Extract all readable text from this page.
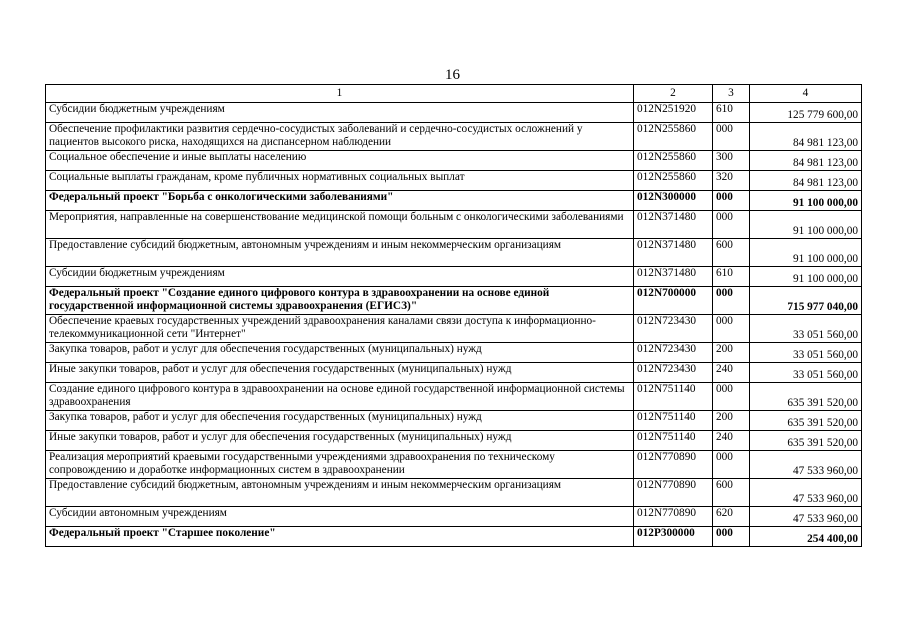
16
1	2	3	4
Субсидии бюджетным учреждениям	012N251920	610	125 779 600,00
Обеспечение профилактики развития сердечно-сосудистых заболеваний и сердечно-сосудистых осложнений у пациентов высокого риска, находящихся на диспансерном наблюдении	012N255860	000	84 981 123,00
Социальное обеспечение и иные выплаты населению	012N255860	300	84 981 123,00
Социальные выплаты гражданам, кроме публичных нормативных социальных выплат	012N255860	320	84 981 123,00
Федеральный проект "Борьба с онкологическими заболеваниями"	012N300000	000	91 100 000,00
Мероприятия, направленные на совершенствование медицинской помощи больным с онкологическими заболеваниями	012N371480	000	91 100 000,00
Предоставление субсидий бюджетным, автономным учреждениям и иным некоммерческим организациям	012N371480	600	91 100 000,00
Субсидии бюджетным учреждениям	012N371480	610	91 100 000,00
Федеральный проект "Создание единого цифрового контура в здравоохранении на основе единой государственной информационной системы здравоохранения (ЕГИСЗ)"	012N700000	000	715 977 040,00
Обеспечение краевых государственных учреждений здравоохранения каналами связи доступа к информационно-телекоммуникационной сети "Интернет"	012N723430	000	33 051 560,00
Закупка товаров, работ и услуг для обеспечения государственных (муниципальных) нужд	012N723430	200	33 051 560,00
Иные закупки товаров, работ и услуг для обеспечения государственных (муниципальных) нужд	012N723430	240	33 051 560,00
Создание единого цифрового контура в здравоохранении на основе единой государственной информационной системы здравоохранения	012N751140	000	635 391 520,00
Закупка товаров, работ и услуг для обеспечения государственных (муниципальных) нужд	012N751140	200	635 391 520,00
Иные закупки товаров, работ и услуг для обеспечения государственных (муниципальных) нужд	012N751140	240	635 391 520,00
Реализация мероприятий краевыми государственными учреждениями здравоохранения по техническому сопровождению и доработке информационных систем в здравоохранении	012N770890	000	47 533 960,00
Предоставление субсидий бюджетным, автономным учреждениям и иным некоммерческим организациям	012N770890	600	47 533 960,00
Субсидии автономным учреждениям	012N770890	620	47 533 960,00
Федеральный проект "Старшее поколение"	012P300000	000	254 400,00
